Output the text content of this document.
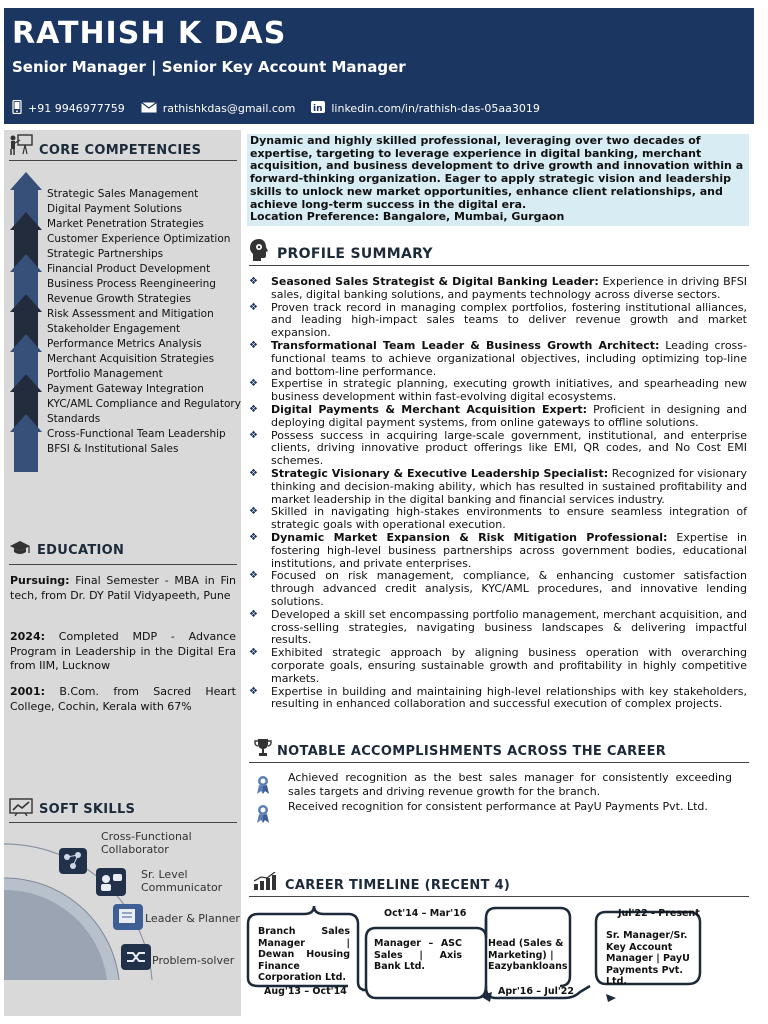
RATHISH K DAS
Senior Manager | Senior Key Account Manager
+91 9946977759	rathishkdas@gmail.com in linkedin.com/in/rathish-das-05aa3019
CORE COMPETENCIES
Strategic Sales Management
Digital Payment Solutions
Market Penetration Strategies
Customer Experience Optimization
Strategic Partnerships
Financial Product Development
Business Process Reengineering
Revenue Growth Strategies
Risk Assessment and Mitigation
Stakeholder Engagement
Performance Metrics Analysis
Merchant Acquisition Strategies
Portfolio Management
Payment Gateway Integration
KYC/AML Compliance and Regulatory Standards
Cross-Functional Team Leadership
BFSI & Institutional Sales
EDUCATION
Pursuing: Final Semester - MBA in Fin tech, from Dr. DY Patil Vidyapeeth, Pune
2024: Completed MDP - Advance Program in Leadership in the Digital Era from IIM, Lucknow
2001: B.Com. from Sacred Heart College, Cochin, Kerala with 67%
SOFT SKILLS
Cross-Functional Collaborator
Sr. Level Communicator
Leader & Planner
Problem-solver
Dynamic and highly skilled professional, leveraging over two decades of expertise, targeting to leverage experience in digital banking, merchant acquisition, and business development to drive growth and innovation within a forward-thinking organization. Eager to apply strategic vision and leadership skills to unlock new market opportunities, enhance client relationships, and achieve long-term success in the digital era.
Location Preference: Bangalore, Mumbai, Gurgaon
PROFILE SUMMARY
❖ Seasoned Sales Strategist & Digital Banking Leader: Experience in driving BFSI sales, digital banking solutions, and payments technology across diverse sectors.
❖ Proven track record in managing complex portfolios, fostering institutional alliances, and leading high-impact sales teams to deliver revenue growth and market expansion.
❖ Transformational Team Leader & Business Growth Architect: Leading cross-functional teams to achieve organizational objectives, including optimizing top-line and bottom-line performance.
❖ Expertise in strategic planning, executing growth initiatives, and spearheading new business development within fast-evolving digital ecosystems.
❖ Digital Payments & Merchant Acquisition Expert: Proficient in designing and deploying digital payment systems, from online gateways to offline solutions.
❖ Possess success in acquiring large-scale government, institutional, and enterprise clients, driving innovative product offerings like EMI, QR codes, and No Cost EMI schemes.
❖ Strategic Visionary & Executive Leadership Specialist: Recognized for visionary thinking and decision-making ability, which has resulted in sustained profitability and market leadership in the digital banking and financial services industry.
❖ Skilled in navigating high-stakes environments to ensure seamless integration of strategic goals with operational execution.
❖ Dynamic Market Expansion & Risk Mitigation Professional: Expertise in fostering high-level business partnerships across government bodies, educational institutions, and private enterprises.
❖ Focused on risk management, compliance, & enhancing customer satisfaction through advanced credit analysis, KYC/AML procedures, and innovative lending solutions.
❖ Developed a skill set encompassing portfolio management, merchant acquisition, and cross-selling strategies, navigating business landscapes & delivering impactful results.
❖ Exhibited strategic approach by aligning business operation with overarching corporate goals, ensuring sustainable growth and profitability in highly competitive markets.
❖ Expertise in building and maintaining high-level relationships with key stakeholders, resulting in enhanced collaboration and successful execution of complex projects.
NOTABLE ACCOMPLISHMENTS ACROSS THE CAREER
Achieved recognition as the best sales manager for consistently exceeding sales targets and driving revenue growth for the branch.
Received recognition for consistent performance at PayU Payments Pvt. Ltd.
CAREER TIMELINE (RECENT 4)
Branch Sales Manager | Dewan Housing Finance Corporation Ltd.
Manager – ASC Sales | Axis Bank Ltd.
Head (Sales & Marketing) | Eazybankloans
Sr. Manager/Sr. Key Account Manager | PayU Payments Pvt. Ltd.
Aug'13 – Oct'14
Oct'14 – Mar'16
Apr'16 – Jul'22
Jul'22 - Present
